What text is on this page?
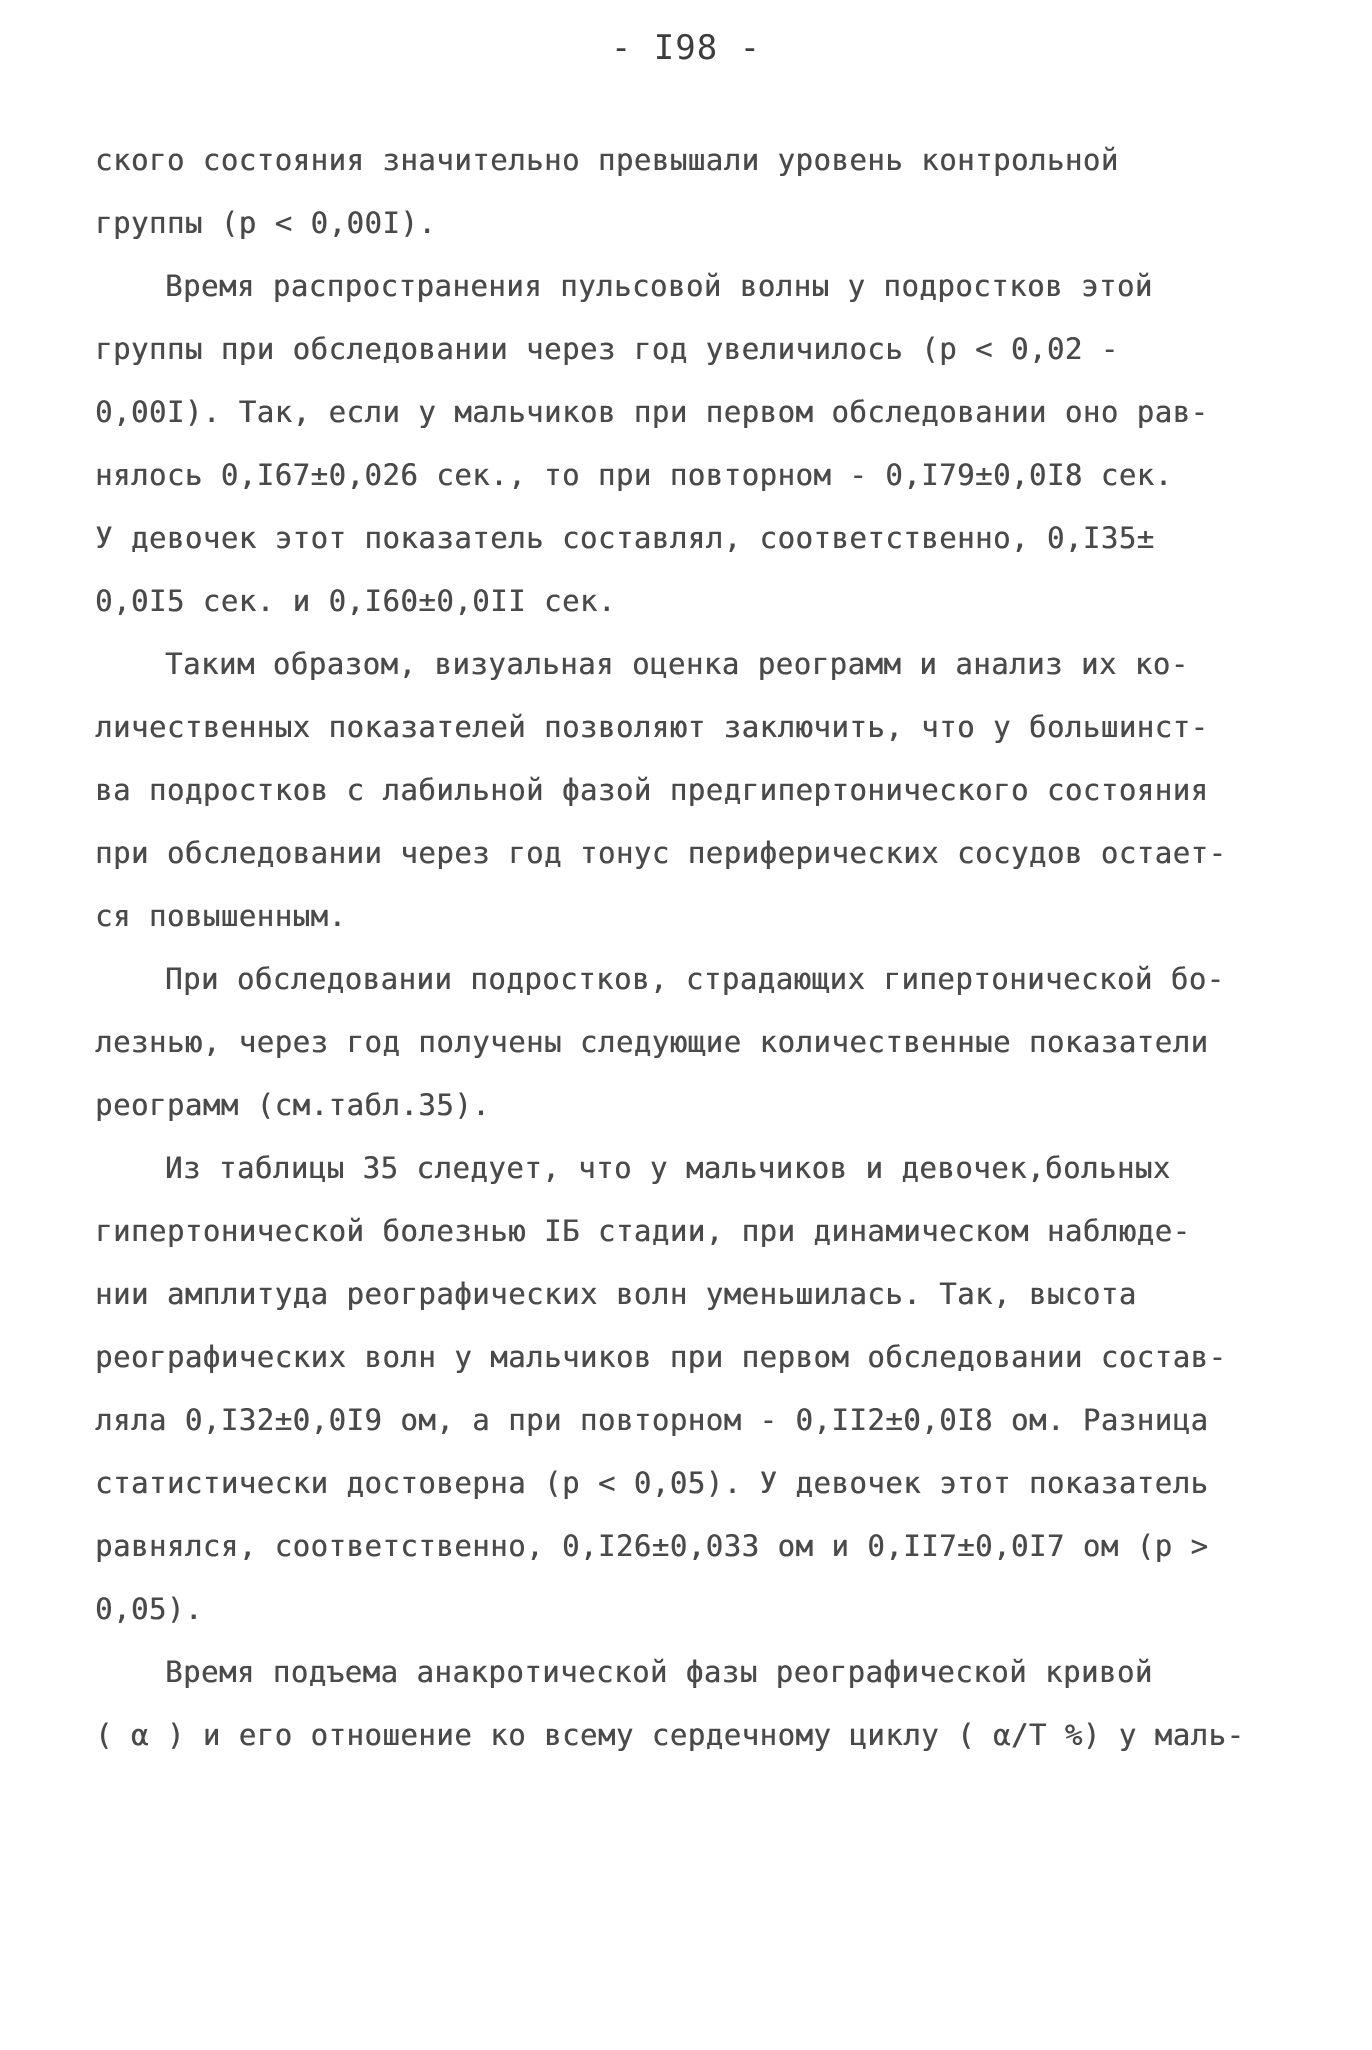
- I98 -
ского состояния значительно превышали уровень контрольной
группы (р < 0,00I).
Время распространения пульсовой волны у подростков этой
группы при обследовании через год увеличилось (р < 0,02 -
0,00I). Так, если у мальчиков при первом обследовании оно рав-
нялось 0,I67±0,026 сек., то при повторном - 0,I79±0,0I8 сек.
У девочек этот показатель составлял, соответственно, 0,I35±
0,0I5 сек. и 0,I60±0,0II сек.
Таким образом, визуальная оценка реограмм и анализ их ко-
личественных показателей позволяют заключить, что у большинст-
ва подростков с лабильной фазой предгипертонического состояния
при обследовании через год тонус периферических сосудов остает-
ся повышенным.
При обследовании подростков, страдающих гипертонической бо-
лезнью, через год получены следующие количественные показатели
реограмм (см.табл.35).
Из таблицы 35 следует, что у мальчиков и девочек,больных
гипертонической болезнью IБ стадии, при динамическом наблюде-
нии амплитуда реографических волн уменьшилась. Так, высота
реографических волн у мальчиков при первом обследовании состав-
ляла 0,I32±0,0I9 ом, а при повторном - 0,II2±0,0I8 ом. Разница
статистически достоверна (р < 0,05). У девочек этот показатель
равнялся, соответственно, 0,I26±0,033 ом и 0,II7±0,0I7 ом (р >
0,05).
Время подъема анакротической фазы реографической кривой
( α ) и его отношение ко всему сердечному циклу ( α/T %) у маль-
